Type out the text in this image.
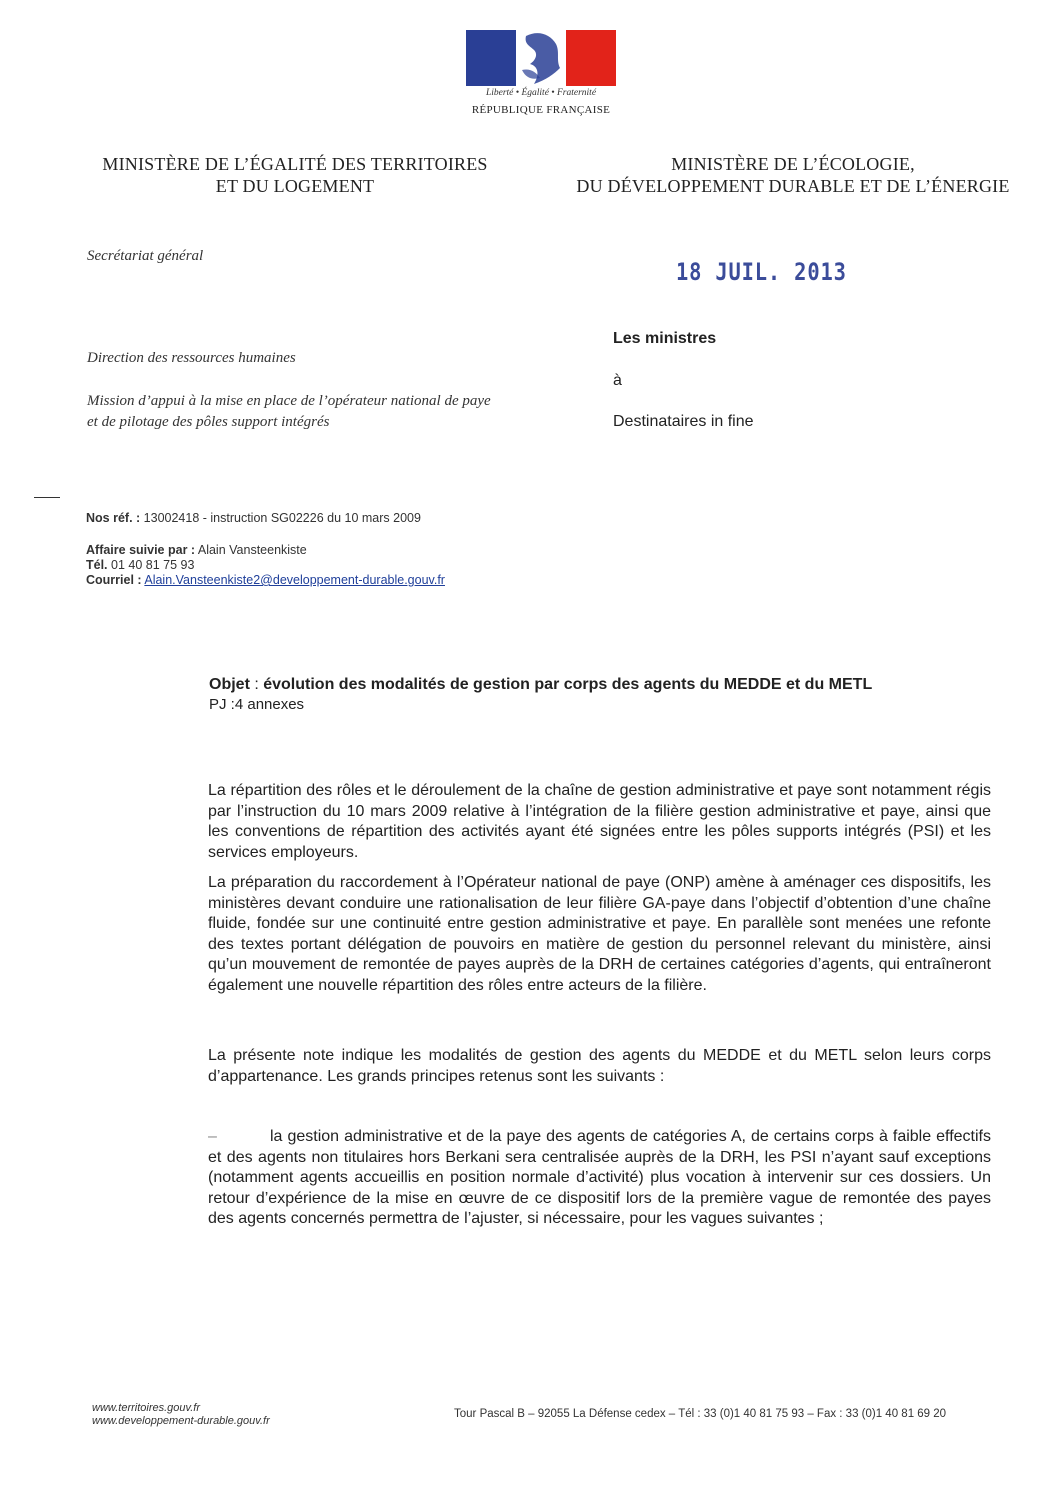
Liberté • Égalité • Fraternité
RÉPUBLIQUE FRANÇAISE
MINISTÈRE DE L’ÉGALITÉ DES TERRITOIRES
ET DU LOGEMENT
MINISTÈRE DE L’ÉCOLOGIE,
DU DÉVELOPPEMENT DURABLE ET DE L’ÉNERGIE
Secrétariat général
Direction des ressources humaines
Mission d’appui à la mise en place de l’opérateur national de paye
et de pilotage des pôles support intégrés
18 JUIL. 2013
Les ministres
à
Destinataires in fine
Nos réf. : 13002418 - instruction SG02226 du 10 mars 2009
Affaire suivie par : Alain Vansteenkiste
Tél. 01 40 81 75 93
Courriel : Alain.Vansteenkiste2@developpement-durable.gouv.fr
Objet : évolution des modalités de gestion par corps des agents du MEDDE et du METL
PJ :4 annexes
La répartition des rôles et le déroulement de la chaîne de gestion administrative et paye sont notamment régis par l’instruction du 10 mars 2009 relative à l’intégration de la filière gestion administrative et paye, ainsi que les conventions de répartition des activités ayant été signées entre les pôles supports intégrés (PSI) et les services employeurs.
La préparation du raccordement à l’Opérateur national de paye (ONP) amène à aménager ces dispositifs, les ministères devant conduire une rationalisation de leur filière GA-paye dans l’objectif d’obtention d’une chaîne fluide, fondée sur une continuité entre gestion administrative et paye. En parallèle sont menées une refonte des textes portant délégation de pouvoirs en matière de gestion du personnel relevant du ministère, ainsi qu’un mouvement de remontée de payes auprès de la DRH de certaines catégories d’agents, qui entraîneront également une nouvelle répartition des rôles entre acteurs de la filière.
La présente note indique les modalités de gestion des agents du MEDDE et du METL selon leurs corps d’appartenance. Les grands principes retenus sont les suivants :
–	la gestion administrative et de la paye des agents de catégories A, de certains corps à faible effectifs et des agents non titulaires hors Berkani sera centralisée auprès de la DRH, les PSI n’ayant sauf exceptions (notamment agents accueillis en position normale d’activité) plus vocation à intervenir sur ces dossiers. Un retour d’expérience de la mise en œuvre de ce dispositif lors de la première vague de remontée des payes des agents concernés permettra de l’ajuster, si nécessaire, pour les vagues suivantes ;
www.territoires.gouv.fr
www.developpement-durable.gouv.fr
Tour Pascal B – 92055 La Défense cedex – Tél : 33 (0)1 40 81 75 93 – Fax : 33 (0)1 40 81 69 20
